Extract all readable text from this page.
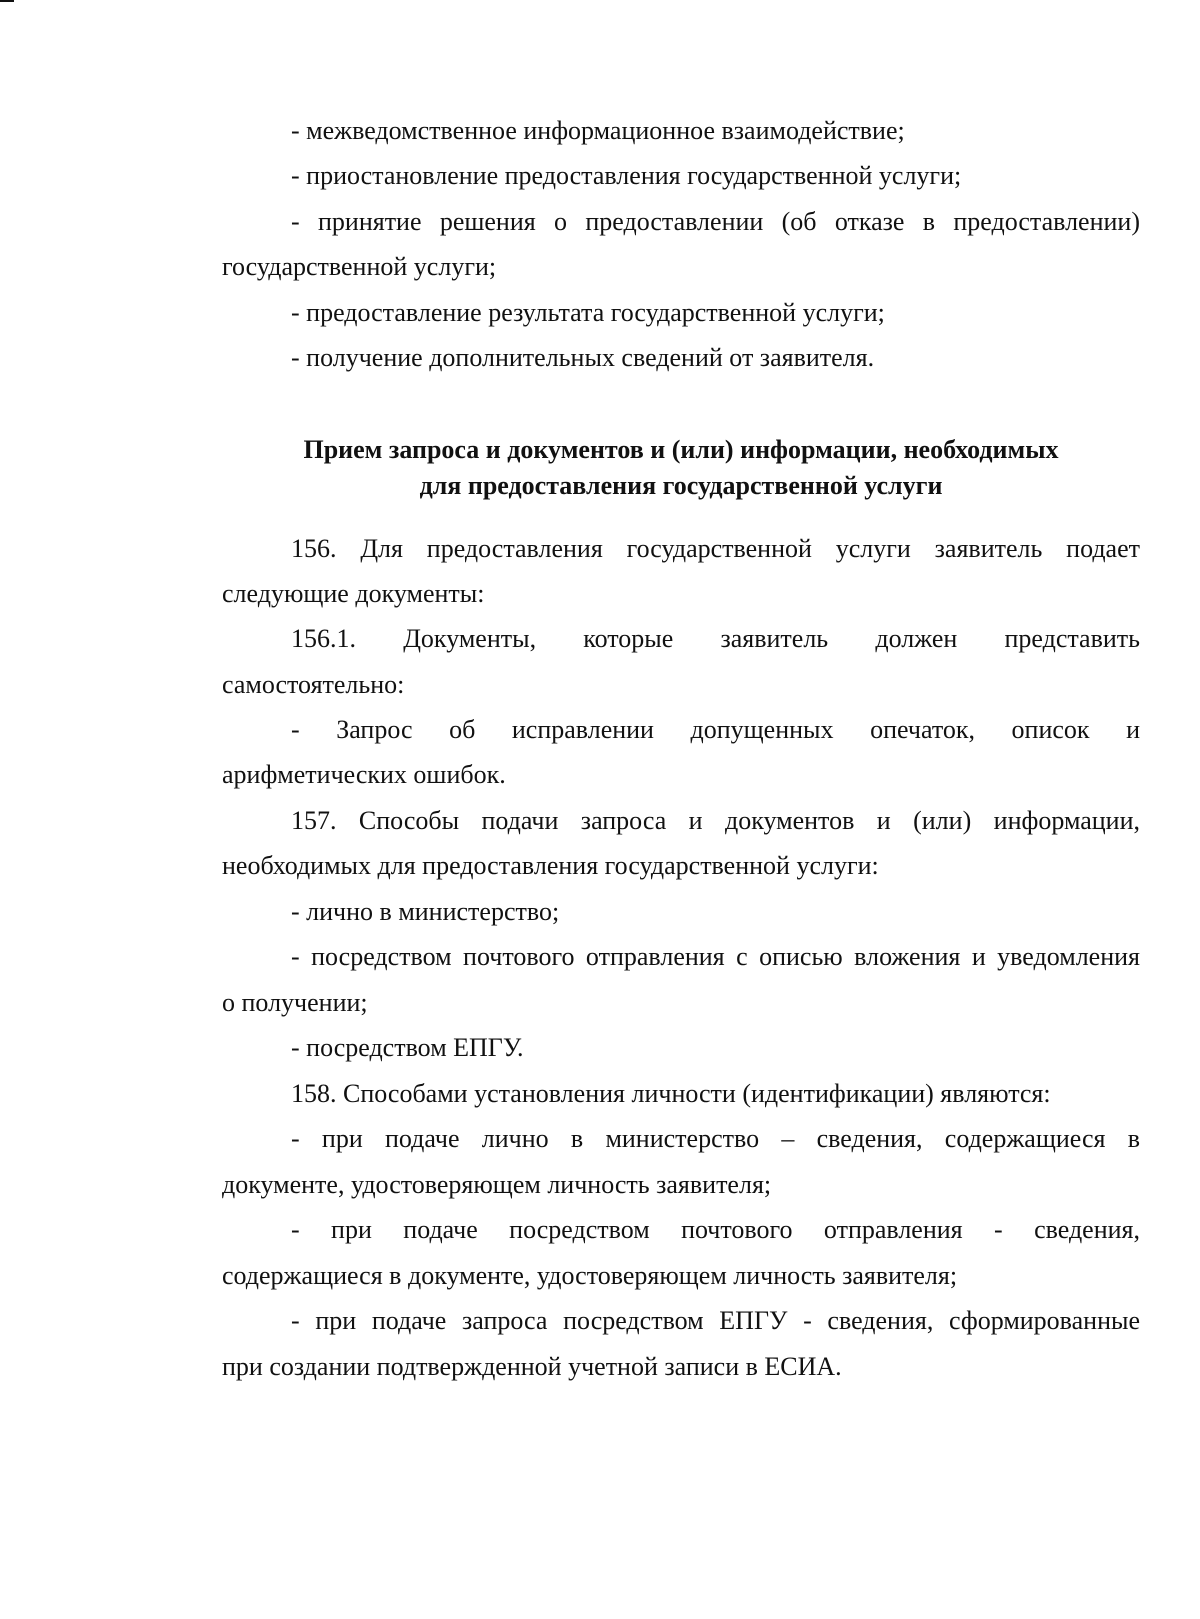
- межведомственное информационное взаимодействие;
- приостановление предоставления государственной услуги;
- принятие решения о предоставлении (об отказе в предоставлении)
государственной услуги;
- предоставление результата государственной услуги;
- получение дополнительных сведений от заявителя.
Прием запроса и документов и (или) информации, необходимых
для предоставления государственной услуги
156. Для предоставления государственной услуги заявитель подает
следующие документы:
156.1. Документы, которые заявитель должен представить
самостоятельно:
- Запрос об исправлении допущенных опечаток, описок и
арифметических ошибок.
157. Способы подачи запроса и документов и (или) информации,
необходимых для предоставления государственной услуги:
- лично в министерство;
- посредством почтового отправления с описью вложения и уведомления
о получении;
- посредством ЕПГУ.
158. Способами установления личности (идентификации) являются:
- при подаче лично в министерство – сведения, содержащиеся в
документе, удостоверяющем личность заявителя;
- при подаче посредством почтового отправления - сведения,
содержащиеся в документе, удостоверяющем личность заявителя;
- при подаче запроса посредством ЕПГУ - сведения, сформированные
при создании подтвержденной учетной записи в ЕСИА.
